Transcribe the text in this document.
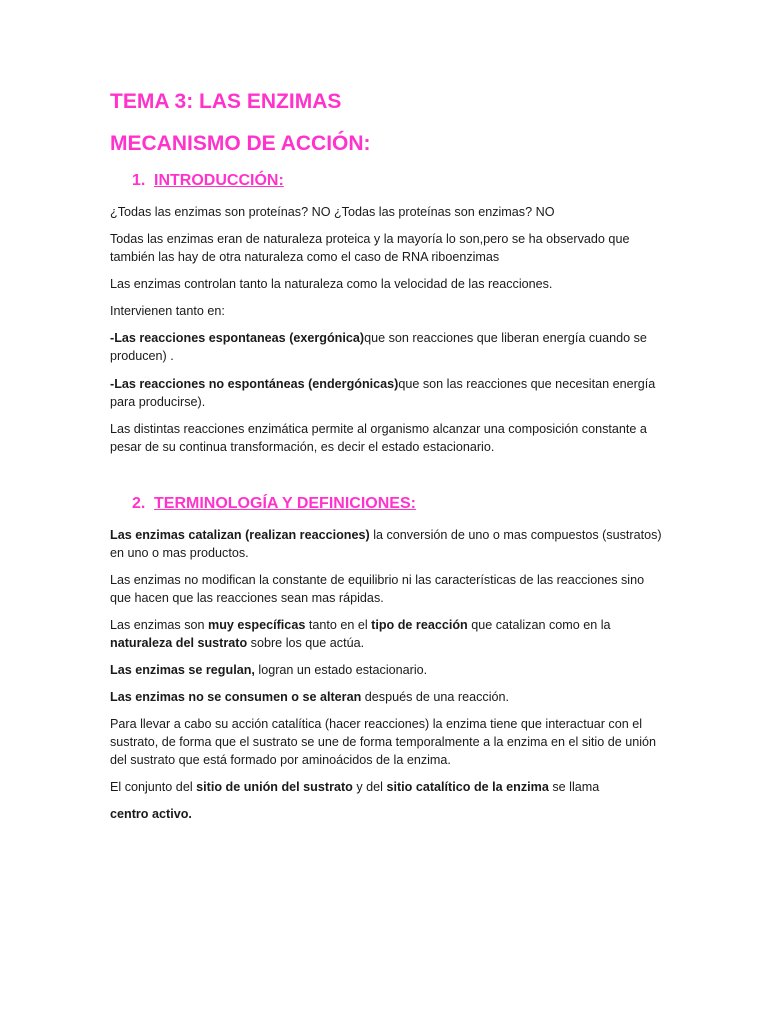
TEMA 3: LAS ENZIMAS
MECANISMO DE ACCIÓN:
1. INTRODUCCIÓN:

¿Todas las enzimas son proteínas? NO ¿Todas las proteínas son enzimas? NO

Todas las enzimas eran de naturaleza proteica y la mayoría lo son,pero se ha observado que también las hay de otra naturaleza como el caso de RNA riboenzimas

Las enzimas controlan tanto la naturaleza como la velocidad de las reacciones.

Intervienen tanto en:

-Las reacciones espontaneas (exergónica)que son reacciones que liberan energía cuando se producen) .

-Las reacciones no espontáneas (endergónicas)que son las reacciones que necesitan energía para producirse).

Las distintas reacciones enzimática permite al organismo alcanzar una composición constante a pesar de su continua transformación, es decir el estado estacionario.

2. TERMINOLOGÍA Y DEFINICIONES:

Las enzimas catalizan (realizan reacciones) la conversión de uno o mas compuestos (sustratos) en uno o mas productos.

Las enzimas no modifican la constante de equilibrio ni las características de las reacciones sino que hacen que las reacciones sean mas rápidas.

Las enzimas son muy específicas tanto en el tipo de reacción que catalizan como en la naturaleza del sustrato sobre los que actúa.

Las enzimas se regulan, logran un estado estacionario.

Las enzimas no se consumen o se alteran después de una reacción.

Para llevar a cabo su acción catalítica (hacer reacciones) la enzima tiene que interactuar con el sustrato, de forma que el sustrato se une de forma temporalmente a la enzima en el sitio de unión del sustrato que está formado por aminoácidos de la enzima.

El conjunto del sitio de unión del sustrato y del sitio catalítico de la enzima se llama

centro activo.
